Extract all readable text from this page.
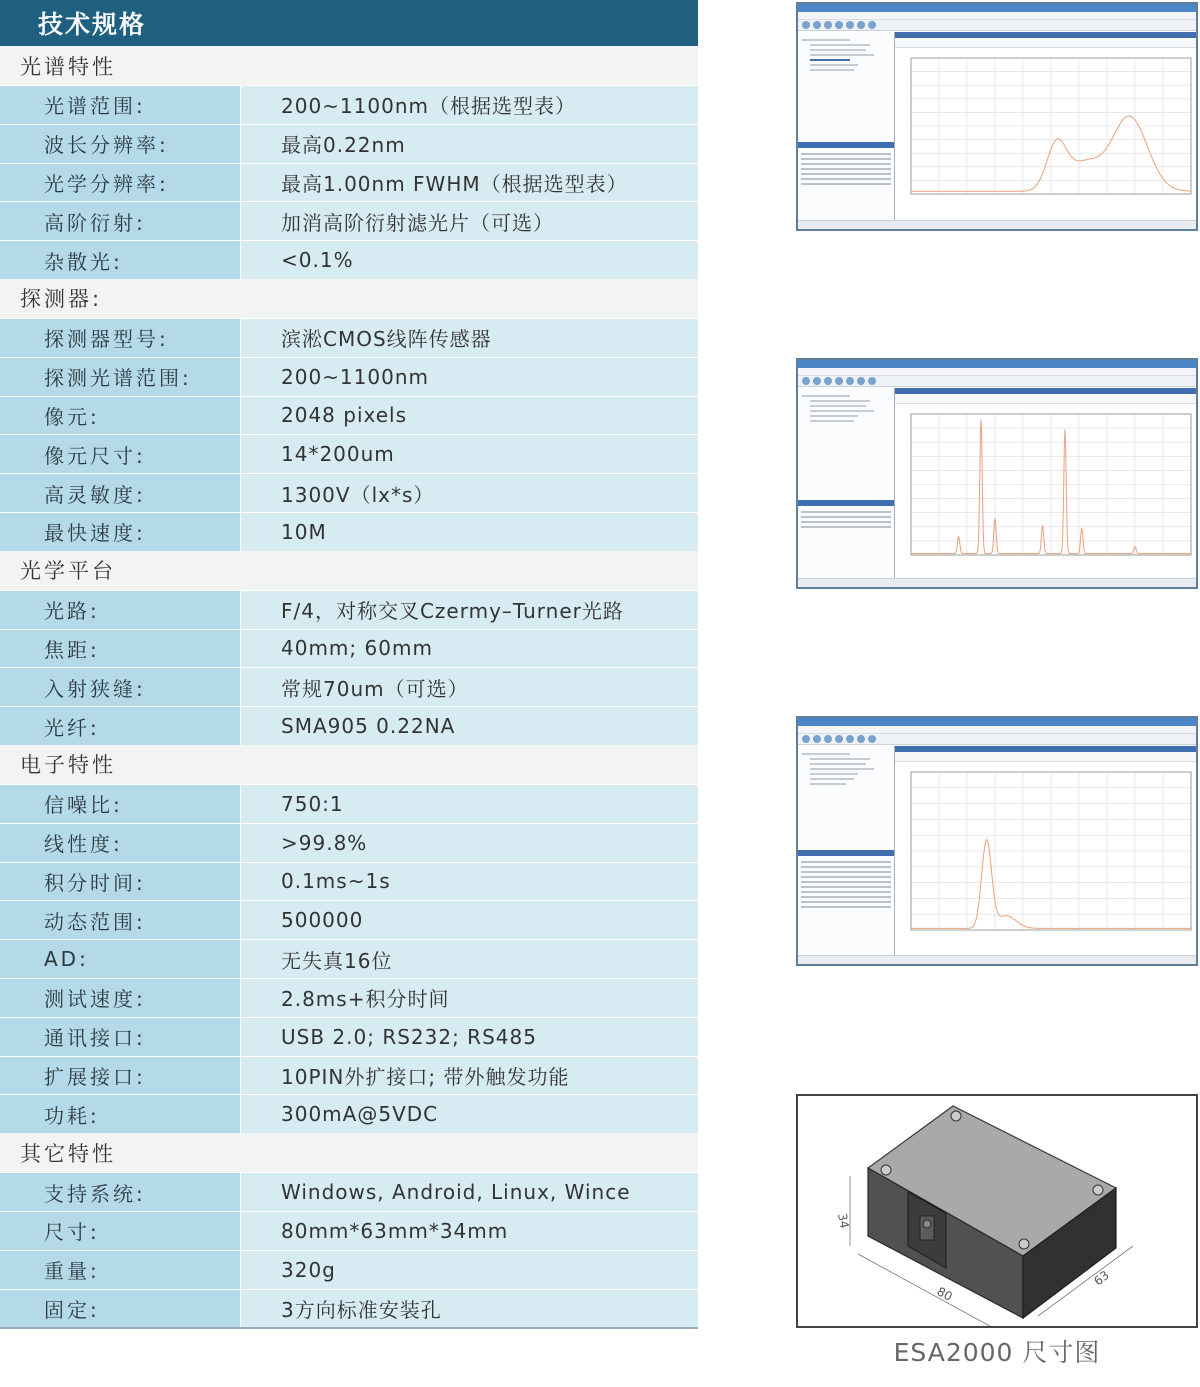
技术规格
光谱特性
光谱范围:	200~1100nm（根据选型表）
波长分辨率:	最高0.22nm
光学分辨率:	最高1.00nm FWHM（根据选型表）
高阶衍射:	加消高阶衍射滤光片（可选）
杂散光:	<0.1%
探测器:
探测器型号:	滨淞CMOS线阵传感器
探测光谱范围:	200~1100nm
像元:	2048 pixels
像元尺寸:	14*200um
高灵敏度:	1300V（lx*s）
最快速度:	10M
光学平台
光路:	F/4，对称交叉Czermy–Turner光路
焦距:	40mm; 60mm
入射狭缝:	常规70um（可选）
光纤:	SMA905 0.22NA
电子特性
信噪比:	750:1
线性度:	>99.8%
积分时间:	0.1ms~1s
动态范围:	500000
AD:	无失真16位
测试速度:	2.8ms+积分时间
通讯接口:	USB 2.0; RS232; RS485
扩展接口:	10PIN外扩接口; 带外触发功能
功耗:	300mA@5VDC
其它特性
支持系统:	Windows, Android, Linux, Wince
尺寸:	80mm*63mm*34mm
重量:	320g
固定:	3方向标准安装孔
34
80
63
ESA2000 尺寸图
